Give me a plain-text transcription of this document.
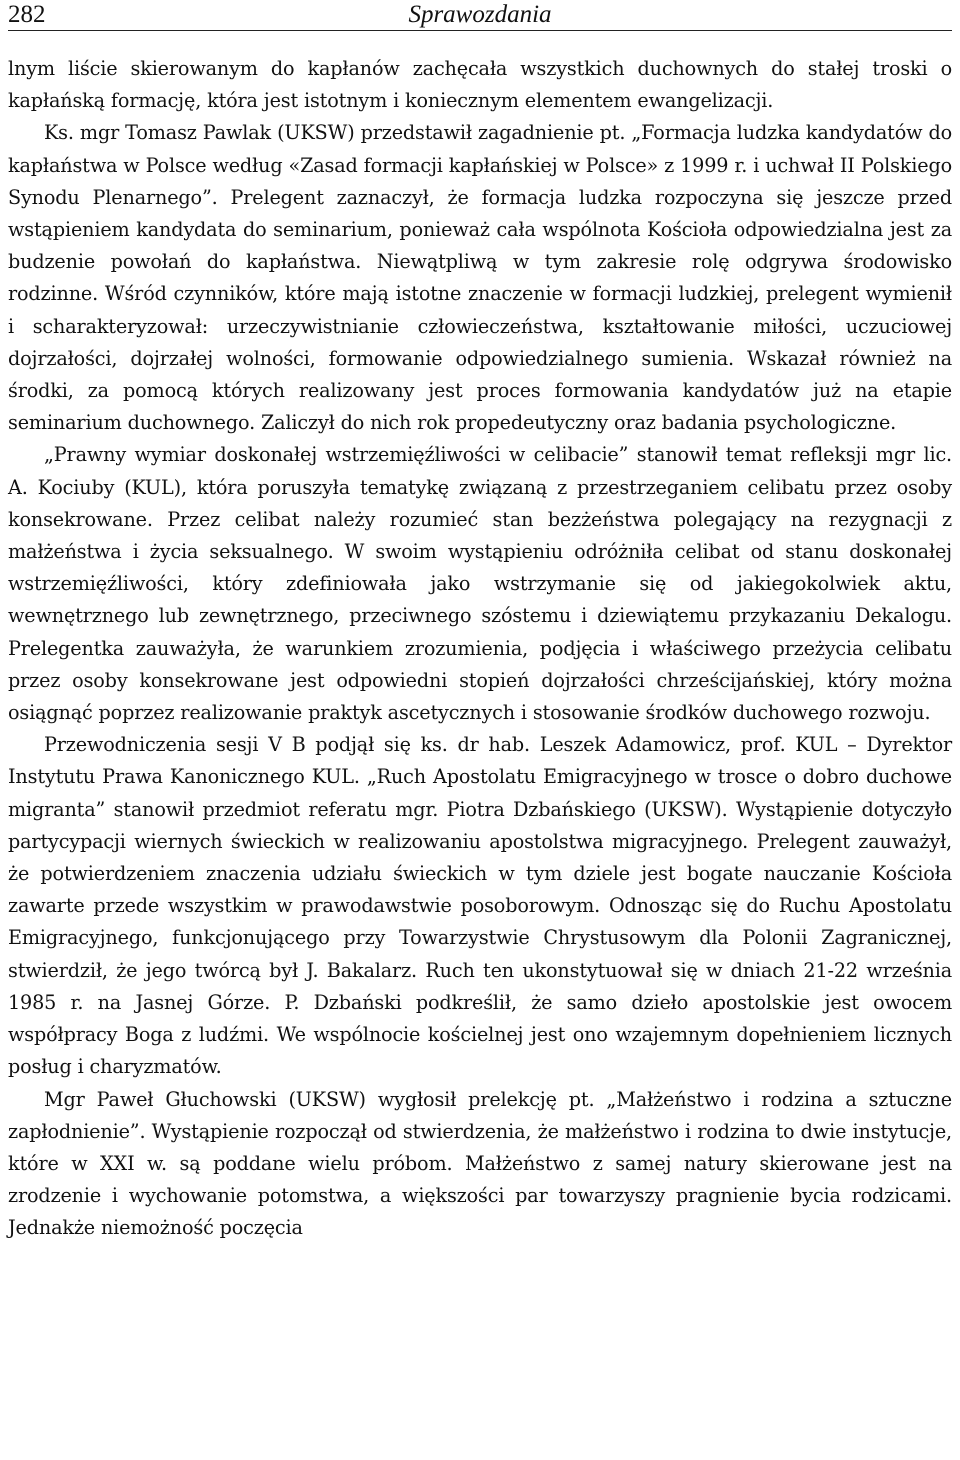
282	Sprawozdania

lnym liście skierowanym do kapłanów zachęcała wszystkich duchownych do stałej troski o kapłańską formację, która jest istotnym i koniecznym elementem ewangelizacji.

Ks. mgr Tomasz Pawlak (UKSW) przedstawił zagadnienie pt. „Formacja ludzka kandydatów do kapłaństwa w Polsce według «Zasad formacji kapłańskiej w Polsce» z 1999 r. i uchwał II Polskiego Synodu Plenarnego”. Prelegent zaznaczył, że formacja ludzka rozpoczyna się jeszcze przed wstąpieniem kandydata do seminarium, ponieważ cała wspólnota Kościoła odpowiedzialna jest za budzenie powołań do kapłaństwa. Niewątpliwą w tym zakresie rolę odgrywa środowisko rodzinne. Wśród czynników, które mają istotne znaczenie w formacji ludzkiej, prelegent wymienił i scharakteryzował: urzeczywistnianie człowieczeństwa, kształtowanie miłości, uczuciowej dojrzałości, dojrzałej wolności, formowanie odpowiedzialnego sumienia. Wskazał również na środki, za pomocą których realizowany jest proces formowania kandydatów już na etapie seminarium duchownego. Zaliczył do nich rok propedeutyczny oraz badania psychologiczne.

„Prawny wymiar doskonałej wstrzemięźliwości w celibacie” stanowił temat refleksji mgr lic. A. Kociuby (KUL), która poruszyła tematykę związaną z przestrzeganiem celibatu przez osoby konsekrowane. Przez celibat należy rozumieć stan bezżeństwa polegający na rezygnacji z małżeństwa i życia seksualnego. W swoim wystąpieniu odróżniła celibat od stanu doskonałej wstrzemięźliwości, który zdefiniowała jako wstrzymanie się od jakiegokolwiek aktu, wewnętrznego lub zewnętrznego, przeciwnego szóstemu i dziewiątemu przykazaniu Dekalogu. Prelegentka zauważyła, że warunkiem zrozumienia, podjęcia i właściwego przeżycia celibatu przez osoby konsekrowane jest odpowiedni stopień dojrzałości chrześcijańskiej, który można osiągnąć poprzez realizowanie praktyk ascetycznych i stosowanie środków duchowego rozwoju.

Przewodniczenia sesji V B podjął się ks. dr hab. Leszek Adamowicz, prof. KUL – Dyrektor Instytutu Prawa Kanonicznego KUL. „Ruch Apostolatu Emigracyjnego w trosce o dobro duchowe migranta” stanowił przedmiot referatu mgr. Piotra Dzbańskiego (UKSW). Wystąpienie dotyczyło partycypacji wiernych świeckich w realizowaniu apostolstwa migracyjnego. Prelegent zauważył, że potwierdzeniem znaczenia udziału świeckich w tym dziele jest bogate nauczanie Kościoła zawarte przede wszystkim w prawodawstwie posoborowym. Odnosząc się do Ruchu Apostolatu Emigracyjnego, funkcjonującego przy Towarzystwie Chrystusowym dla Polonii Zagranicznej, stwierdził, że jego twórcą był J. Bakalarz. Ruch ten ukonstytuował się w dniach 21-22 września 1985 r. na Jasnej Górze. P. Dzbański podkreślił, że samo dzieło apostolskie jest owocem współpracy Boga z ludźmi. We wspólnocie kościelnej jest ono wzajemnym dopełnieniem licznych posług i charyzmatów.

Mgr Paweł Głuchowski (UKSW) wygłosił prelekcję pt. „Małżeństwo i rodzina a sztuczne zapłodnienie”. Wystąpienie rozpoczął od stwierdzenia, że małżeństwo i rodzina to dwie instytucje, które w XXI w. są poddane wielu próbom. Małżeństwo z samej natury skierowane jest na zrodzenie i wychowanie potomstwa, a większości par towarzyszy pragnienie bycia rodzicami. Jednakże niemożność poczęcia
